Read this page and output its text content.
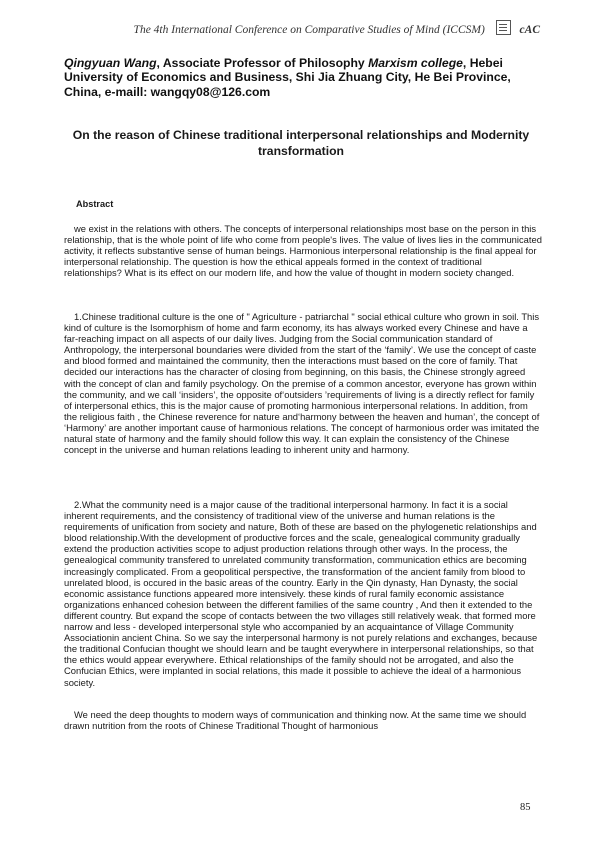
The 4th International Conference on Comparative Studies of Mind (ICCSM)	cAC
Qingyuan Wang, Associate Professor of Philosophy Marxism college, Hebei University of Economics and Business, Shi Jia Zhuang City, He Bei Province, China, e-maill: wangqy08@126.com
On the reason of Chinese traditional interpersonal relationships and Modernity transformation
Abstract

we exist in the relations with others. The concepts of interpersonal relationships most base on the person in this relationship, that is the whole point of life who come from people's lives. The value of lives lies in the communicated activity, it reflects substantive sense of human beings. Harmonious interpersonal relationship is the final appeal for interpersonal relationship. The question is how the ethical appeals formed in the context of traditional relationships? What is its effect on our modern life, and how the value of thought in modern society changed.

1.Chinese traditional culture is the one of " Agriculture - patriarchal " social ethical culture who grown in soil. This kind of culture is the Isomorphism of home and farm economy, its has always worked every Chinese and have a far-reaching impact on all aspects of our daily lives. Judging from the Social communication standard of Anthropology, the interpersonal boundaries were divided from the start of the ‘family’. We use the concept of caste and blood formed and maintained the community, then the interactions must based on the core of family. That decided our interactions has the character of closing from beginning, on this basis, the Chinese strongly agreed with the concept of clan and family psychology. On the premise of a common ancestor, everyone has grown within the community, and we call ‘insiders’, the opposite of‘outsiders ’requirements of living is a directly reflect for family of interpersonal ethics, this is the major cause of promoting harmonious interpersonal relations. In addition, from the religious faith , the Chinese reverence for nature and‘harmony between the heaven and human’, the concept of ‘Harmony’ are another important cause of harmonious relations. The concept of harmonious order was imitated the natural state of harmony and the family should follow this way. It can explain the consistency of the Chinese concept in the universe and human relations leading to inherent unity and harmony.

2.What the community need is a major cause of the traditional interpersonal harmony. In fact it is a social inherent requirements, and the consistency of traditional view of the universe and human relations is the requirements of unification from society and nature, Both of these are based on the phylogenetic relationships and blood relationship.With the development of productive forces and the scale, genealogical community gradually extend the production activities scope to adjust production relations through other ways. In the process, the genealogical community transfered to unrelated community transformation, communication ethics are becoming increasingly complicated. From a geopolitical perspective, the transformation of the ancient family from blood to unrelated blood, is occured in the basic areas of the country. Early in the Qin dynasty, Han Dynasty, the social economic assistance functions appeared more intensively. these kinds of rural family economic assistance organizations enhanced cohesion between the different families of the same country , And then it extended to the different country. But expand the scope of contacts between the two villages still relatively weak. that formed more narrow and less - developed interpersonal style who accompanied by an acquaintance of Village Community Associationin ancient China. So we say the interpersonal harmony is not purely relations and exchanges, because the traditional Confucian thought we should learn and be taught everywhere in interpersonal relationships, so that the ethics would appear everywhere. Ethical relationships of the family should not be arrogated, and also the Confucian Ethics, were implanted in social relations, this made it possible to achieve the ideal of a harmonious society.

We need the deep thoughts to modern ways of communication and thinking now. At the same time we should drawn nutrition from the roots of Chinese Traditional Thought of harmonious

85
